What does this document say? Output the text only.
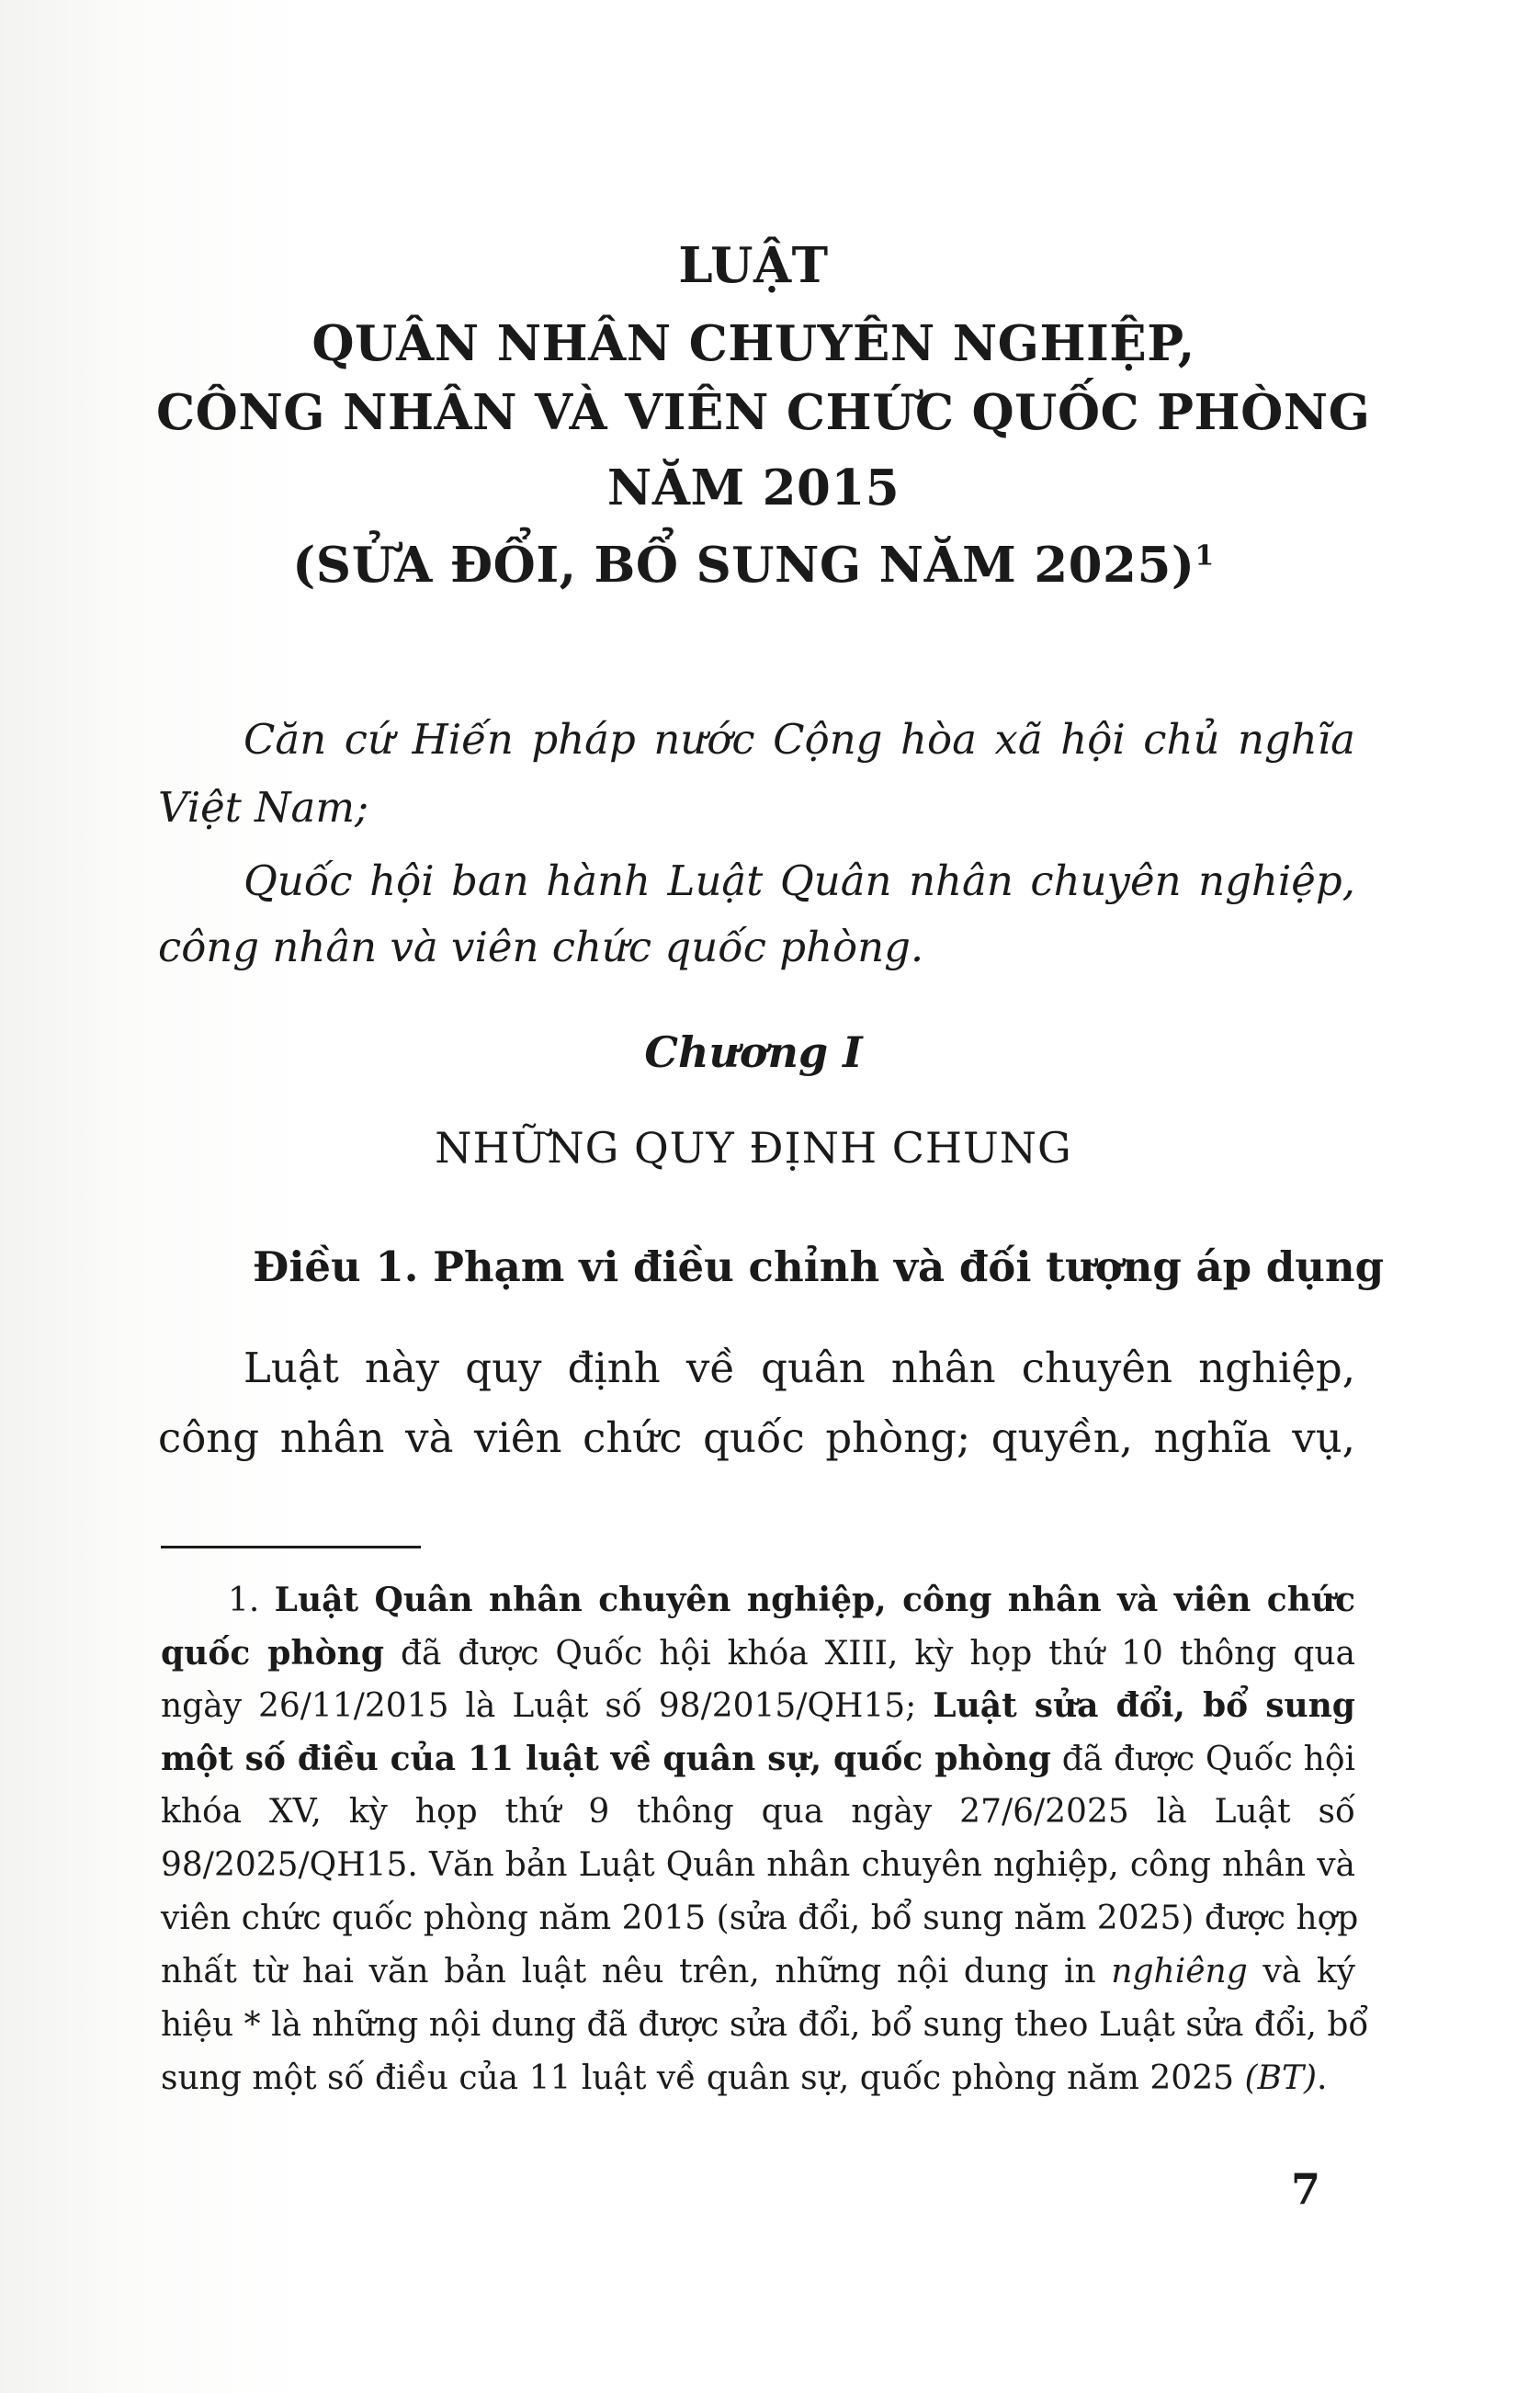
LUẬT
QUÂN NHÂN CHUYÊN NGHIỆP,
CÔNG NHÂN VÀ VIÊN CHỨC QUỐC PHÒNG
NĂM 2015
(SỬA ĐỔI, BỔ SUNG NĂM 2025)$^1$
Căn cứ Hiến pháp nước Cộng hòa xã hội chủ nghĩa
Việt Nam;
Quốc hội ban hành Luật Quân nhân chuyên nghiệp,
công nhân và viên chức quốc phòng.
Chương I
NHỮNG QUY ĐỊNH CHUNG
Điều 1. Phạm vi điều chỉnh và đối tượng áp dụng
Luật này quy định về quân nhân chuyên nghiệp,
công nhân và viên chức quốc phòng; quyền, nghĩa vụ,
1. Luật Quân nhân chuyên nghiệp, công nhân và viên chức
quốc phòng đã được Quốc hội khóa XIII, kỳ họp thứ 10 thông qua
ngày 26/11/2015 là Luật số 98/2015/QH15; Luật sửa đổi, bổ sung
một số điều của 11 luật về quân sự, quốc phòng đã được Quốc hội
khóa XV, kỳ họp thứ 9 thông qua ngày 27/6/2025 là Luật số
98/2025/QH15. Văn bản Luật Quân nhân chuyên nghiệp, công nhân và
viên chức quốc phòng năm 2015 (sửa đổi, bổ sung năm 2025) được hợp
nhất từ hai văn bản luật nêu trên, những nội dung in nghiêng và ký
hiệu * là những nội dung đã được sửa đổi, bổ sung theo Luật sửa đổi, bổ
sung một số điều của 11 luật về quân sự, quốc phòng năm 2025 (BT).
7
